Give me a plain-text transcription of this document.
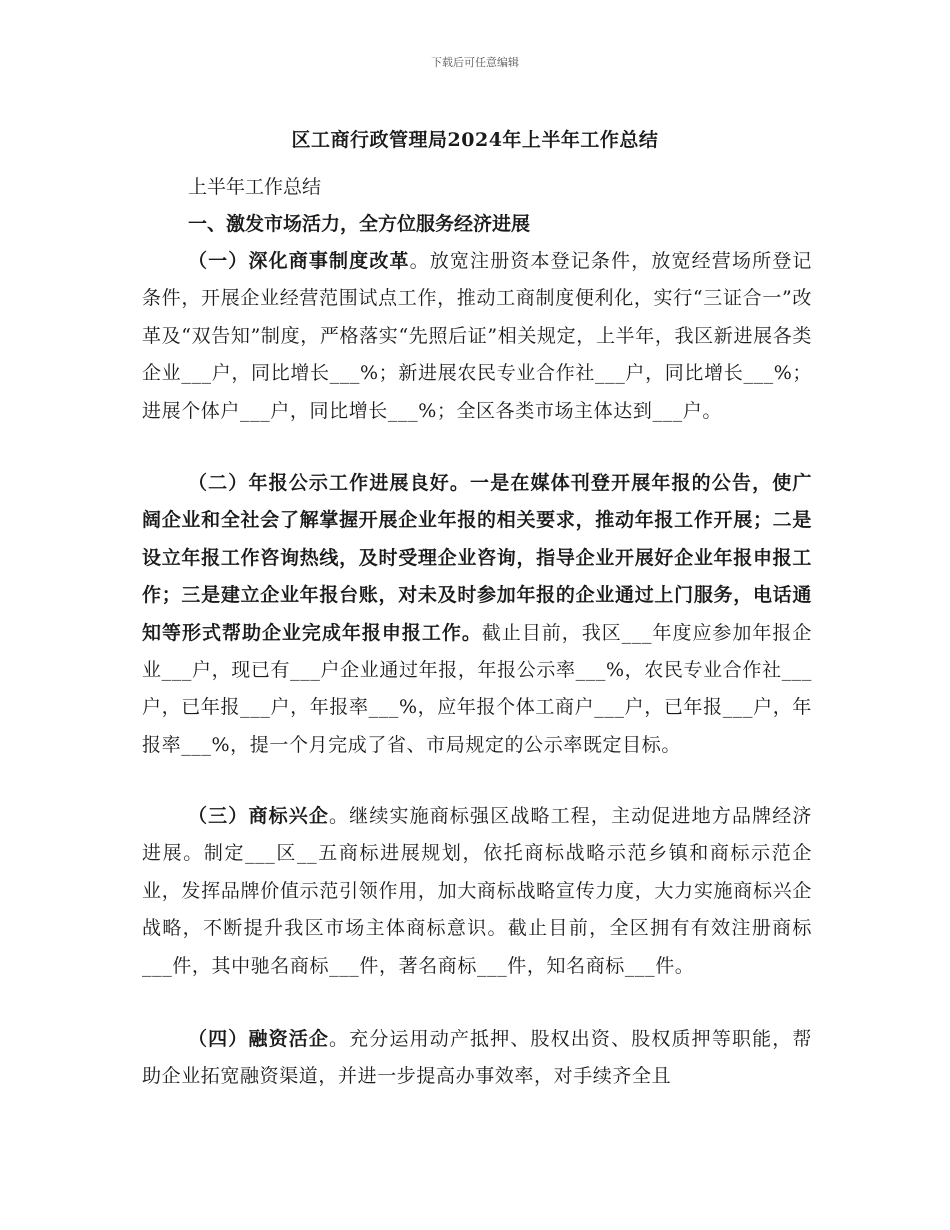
下载后可任意编辑
区工商行政管理局2024年上半年工作总结
上半年工作总结
一、激发市场活力，全方位服务经济进展

（一）深化商事制度改革。放宽注册资本登记条件，放宽经营场所登记条件，开展企业经营范围试点工作，推动工商制度便利化，实行“三证合一”改革及“双告知”制度，严格落实“先照后证”相关规定，上半年，我区新进展各类企业___户，同比增长___%；新进展农民专业合作社___户，同比增长___%；进展个体户___户，同比增长___%；全区各类市场主体达到___户。

（二）年报公示工作进展良好。一是在媒体刊登开展年报的公告，使广阔企业和全社会了解掌握开展企业年报的相关要求，推动年报工作开展；二是设立年报工作咨询热线，及时受理企业咨询，指导企业开展好企业年报申报工作；三是建立企业年报台账，对未及时参加年报的企业通过上门服务，电话通知等形式帮助企业完成年报申报工作。截止目前，我区___年度应参加年报企业___户，现已有___户企业通过年报，年报公示率___%，农民专业合作社___户，已年报___户，年报率___%，应年报个体工商户___户，已年报___户，年报率___%，提一个月完成了省、市局规定的公示率既定目标。

（三）商标兴企。继续实施商标强区战略工程，主动促进地方品牌经济进展。制定___区__五商标进展规划，依托商标战略示范乡镇和商标示范企业，发挥品牌价值示范引领作用，加大商标战略宣传力度，大力实施商标兴企战略，不断提升我区市场主体商标意识。截止目前，全区拥有有效注册商标___件，其中驰名商标___件，著名商标___件，知名商标___件。

（四）融资活企。充分运用动产抵押、股权出资、股权质押等职能，帮助企业拓宽融资渠道，并进一步提高办事效率，对手续齐全且
